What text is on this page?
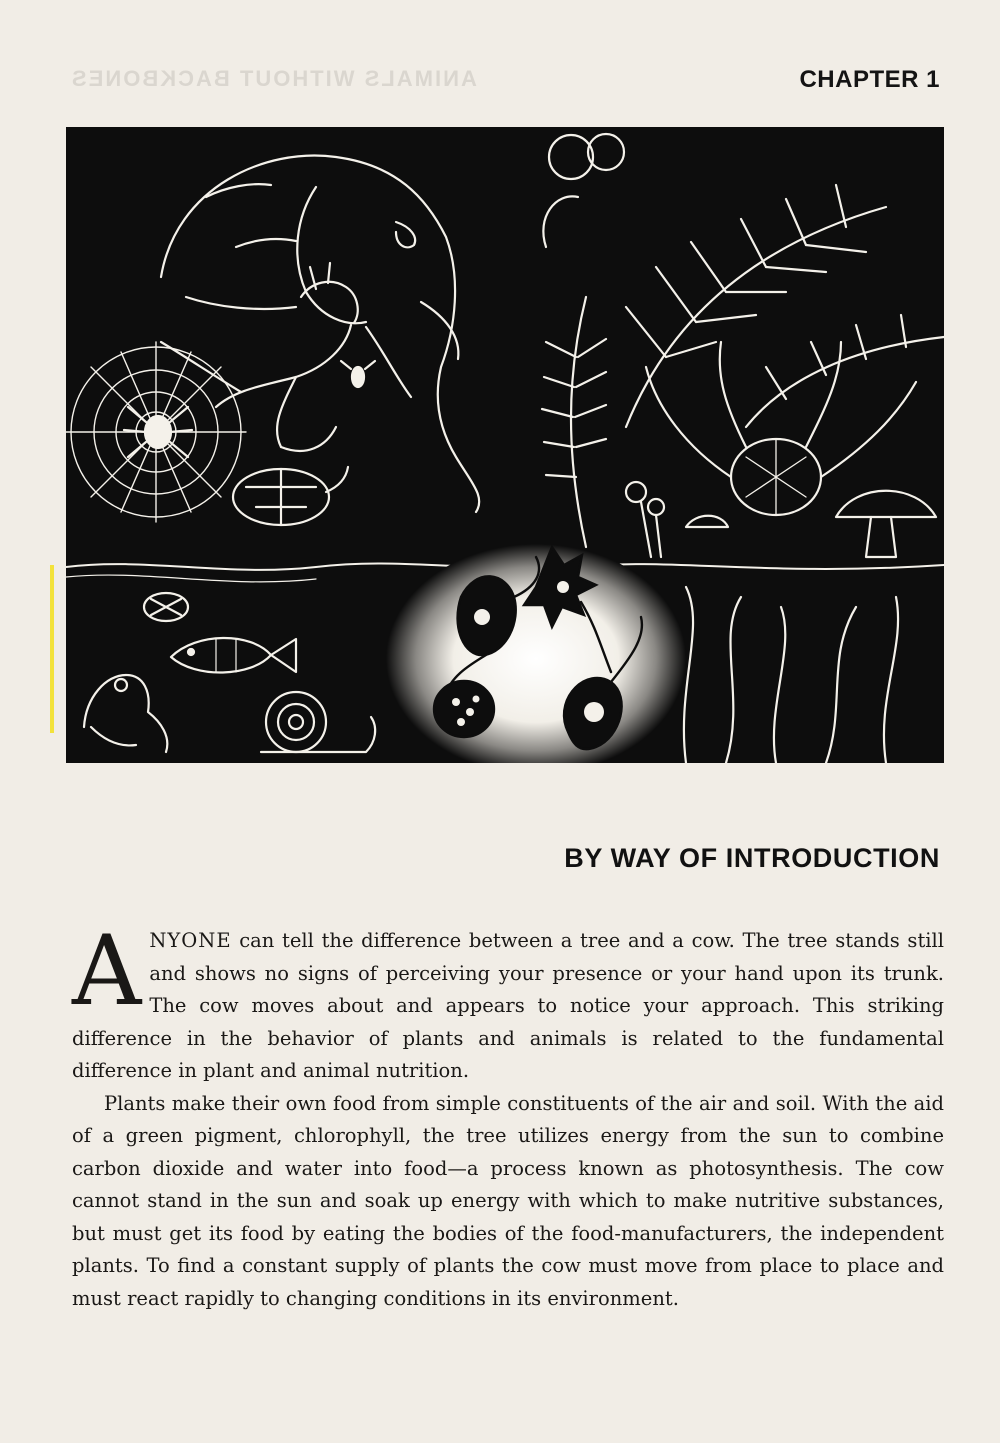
ANIMALS WITHOUT BACKBONES	CHAPTER 1
BY WAY OF INTRODUCTION

ANYONE can tell the difference between a tree and a cow. The tree stands still and shows no signs of perceiving your presence or your hand upon its trunk. The cow moves about and appears to notice your approach. This striking difference in the behavior of plants and animals is related to the fundamental difference in plant and animal nutrition.

Plants make their own food from simple constituents of the air and soil. With the aid of a green pigment, chlorophyll, the tree utilizes energy from the sun to combine carbon dioxide and water into food—a process known as photosynthesis. The cow cannot stand in the sun and soak up energy with which to make nutritive substances, but must get its food by eating the bodies of the food-manufacturers, the independent plants. To find a constant supply of plants the cow must move from place to place and must react rapidly to changing conditions in its environment.
